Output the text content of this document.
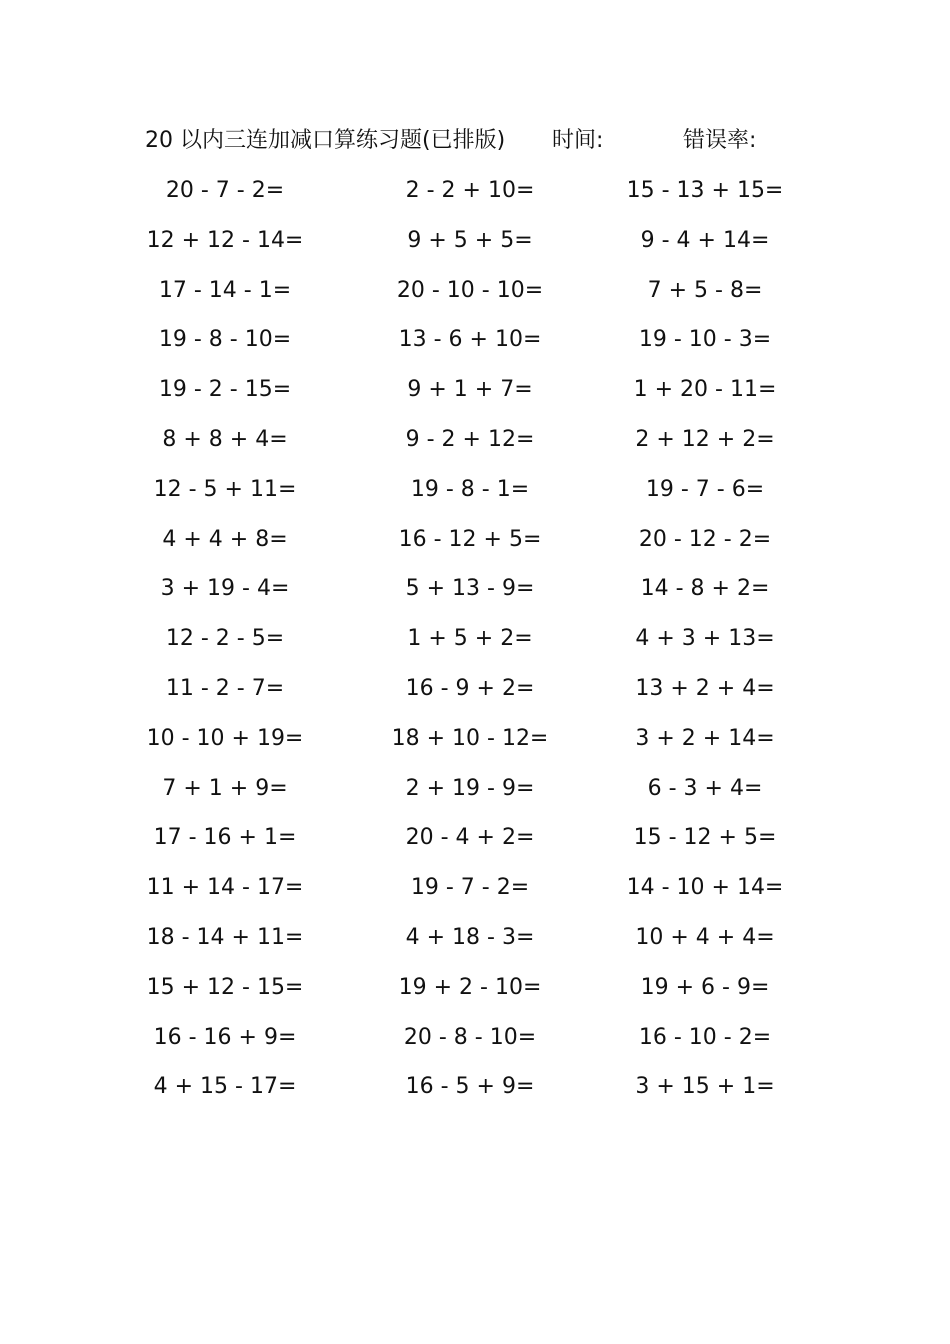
20 以内三连加减口算练习题(已排版) 时间:	错误率:
20 - 7 - 2=	2 - 2 + 10=	15 - 13 + 15=
12 + 12 - 14=	9 + 5 + 5=	9 - 4 + 14=
17 - 14 - 1=	20 - 10 - 10=	7 + 5 - 8=
19 - 8 - 10=	13 - 6 + 10=	19 - 10 - 3=
19 - 2 - 15=	9 + 1 + 7=	1 + 20 - 11=
8 + 8 + 4=	9 - 2 + 12=	2 + 12 + 2=
12 - 5 + 11=	19 - 8 - 1=	19 - 7 - 6=
4 + 4 + 8=	16 - 12 + 5=	20 - 12 - 2=
3 + 19 - 4=	5 + 13 - 9=	14 - 8 + 2=
12 - 2 - 5=	1 + 5 + 2=	4 + 3 + 13=
11 - 2 - 7=	16 - 9 + 2=	13 + 2 + 4=
10 - 10 + 19=	18 + 10 - 12=	3 + 2 + 14=
7 + 1 + 9=	2 + 19 - 9=	6 - 3 + 4=
17 - 16 + 1=	20 - 4 + 2=	15 - 12 + 5=
11 + 14 - 17=	19 - 7 - 2=	14 - 10 + 14=
18 - 14 + 11=	4 + 18 - 3=	10 + 4 + 4=
15 + 12 - 15=	19 + 2 - 10=	19 + 6 - 9=
16 - 16 + 9=	20 - 8 - 10=	16 - 10 - 2=
4 + 15 - 17=	16 - 5 + 9=	3 + 15 + 1=
